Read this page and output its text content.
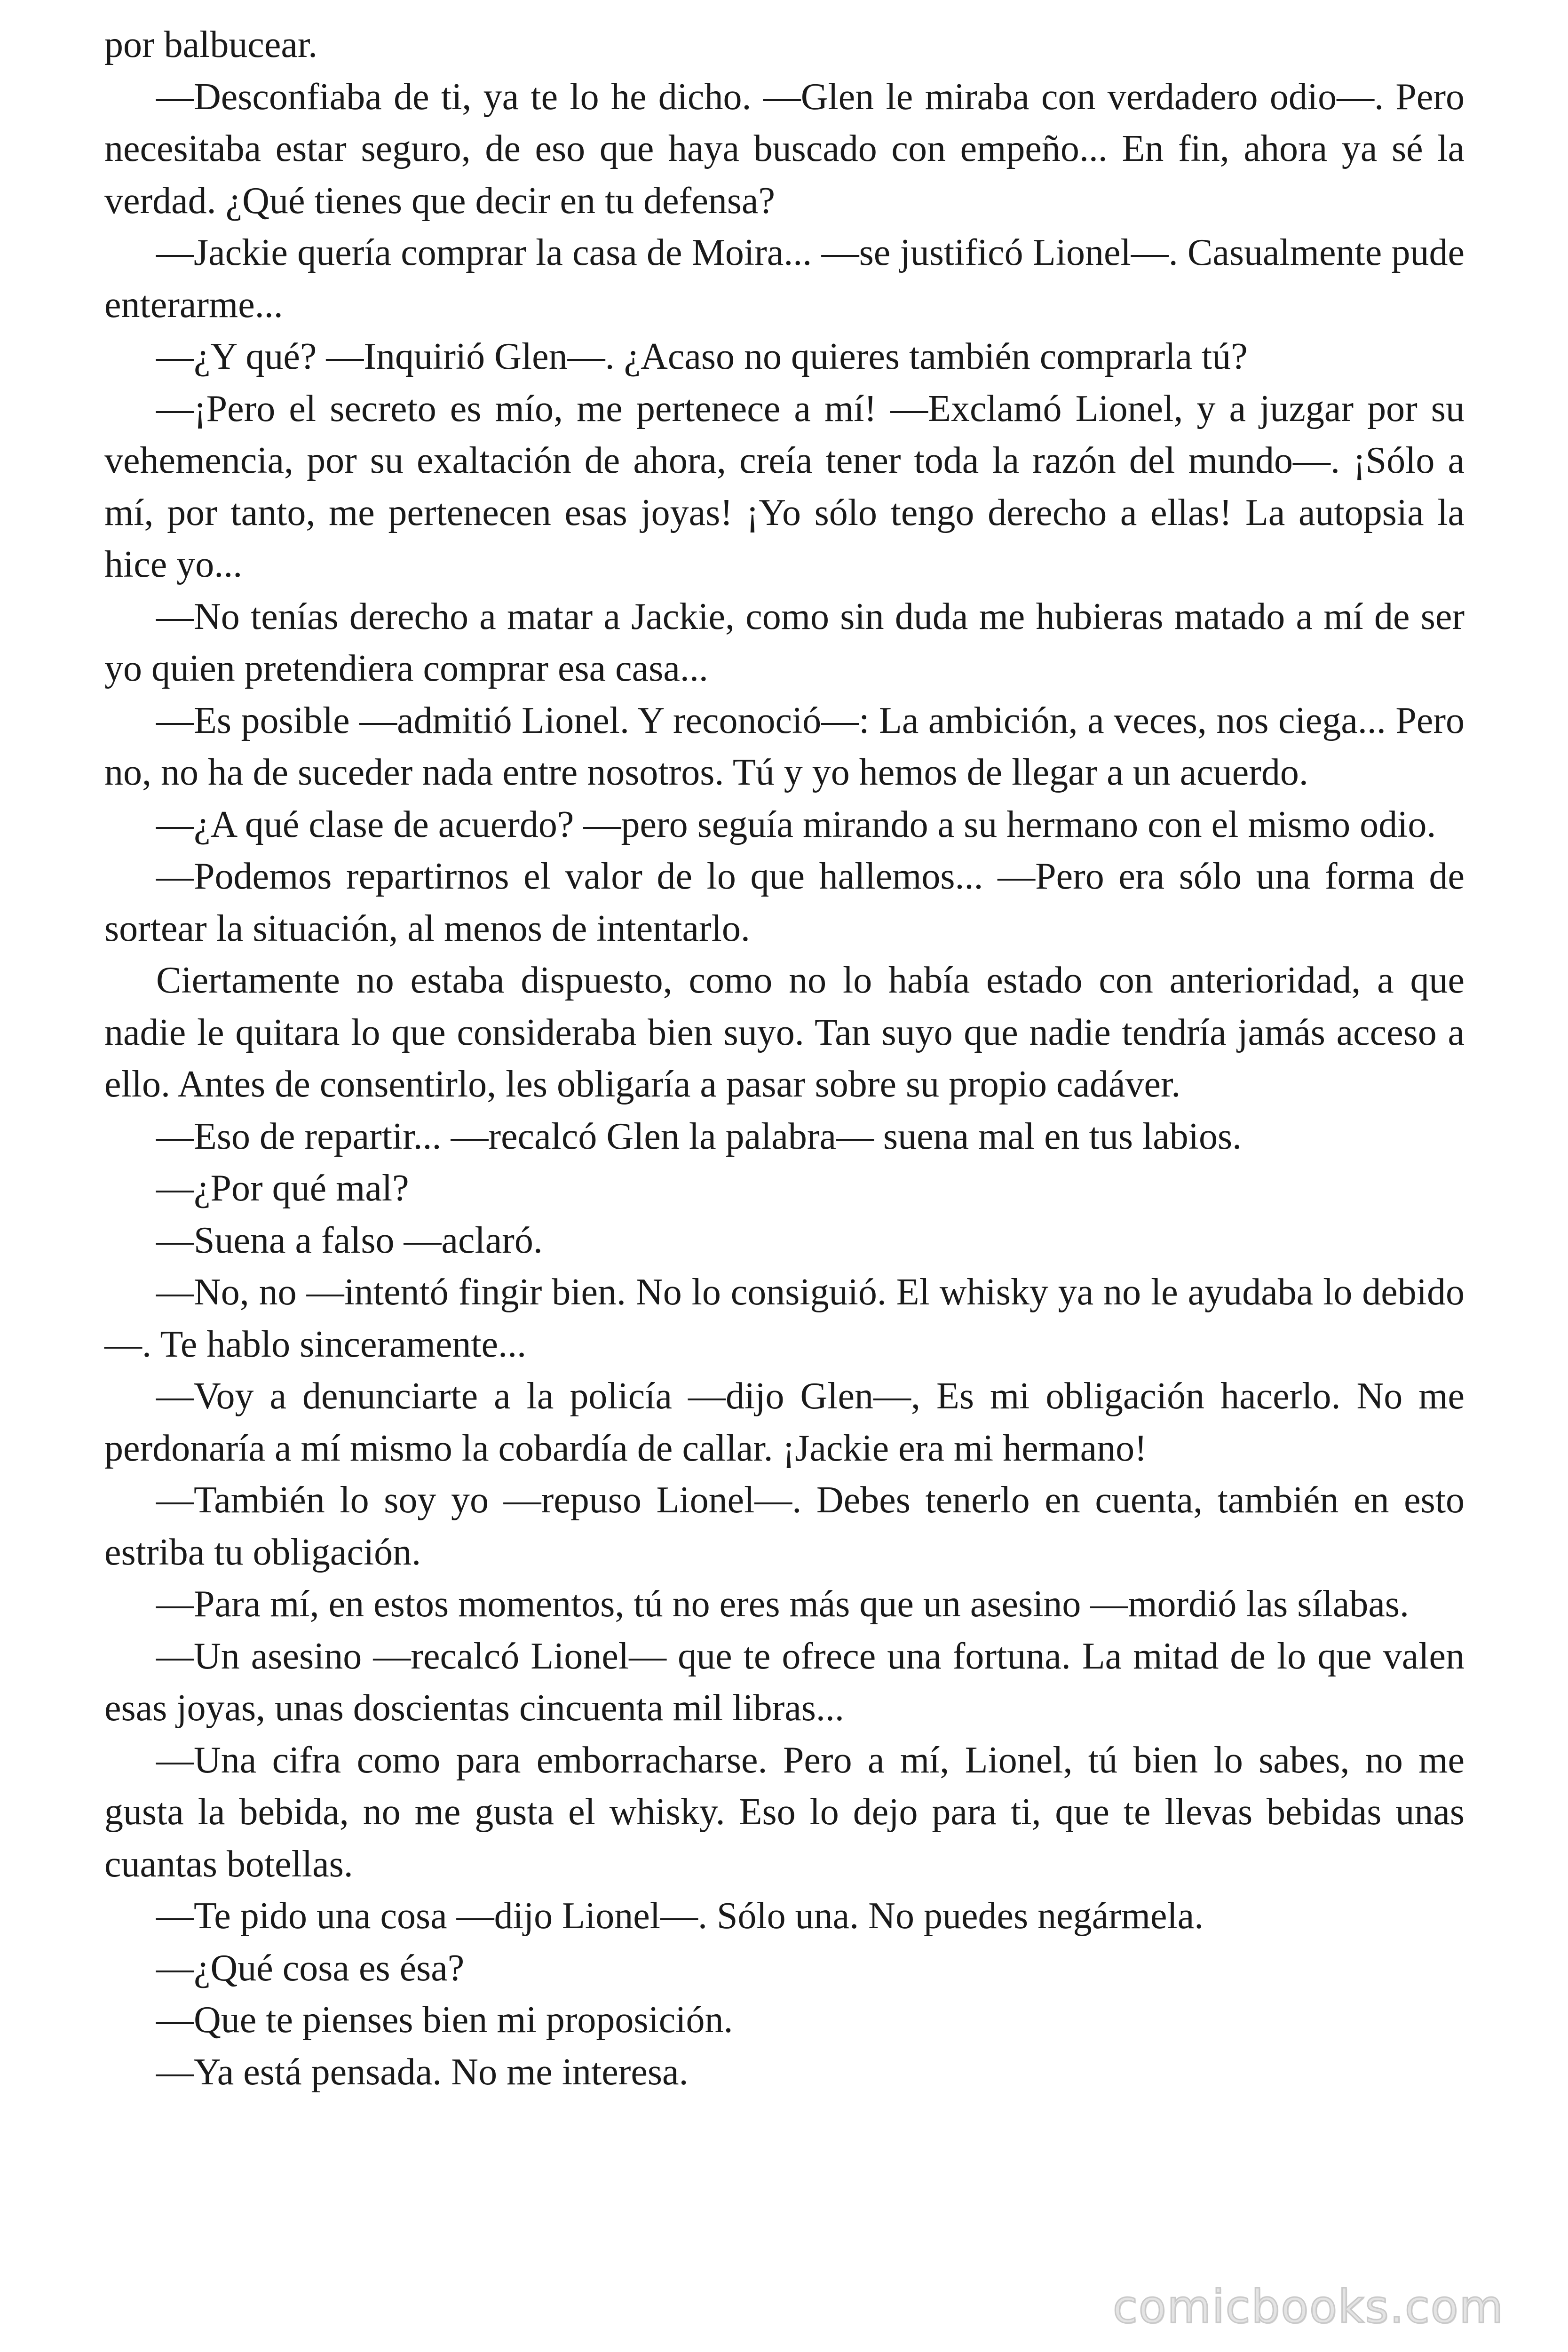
por balbucear.

—Desconfiaba de ti, ya te lo he dicho. —Glen le miraba con verdadero odio—. Pero necesitaba estar seguro, de eso que haya buscado con empeño... En fin, ahora ya sé la verdad. ¿Qué tienes que decir en tu defensa?

—Jackie quería comprar la casa de Moira... —se justificó Lionel—. Casualmente pude enterarme...

—¿Y qué? —Inquirió Glen—. ¿Acaso no quieres también comprarla tú?

—¡Pero el secreto es mío, me pertenece a mí! —Exclamó Lionel, y a juzgar por su vehemencia, por su exaltación de ahora, creía tener toda la razón del mundo—. ¡Sólo a mí, por tanto, me pertenecen esas joyas! ¡Yo sólo tengo derecho a ellas! La autopsia la hice yo...

—No tenías derecho a matar a Jackie, como sin duda me hubieras matado a mí de ser yo quien pretendiera comprar esa casa...

—Es posible —admitió Lionel. Y reconoció—: La ambición, a veces, nos ciega... Pero no, no ha de suceder nada entre nosotros. Tú y yo hemos de llegar a un acuerdo.

—¿A qué clase de acuerdo? —pero seguía mirando a su hermano con el mismo odio.

—Podemos repartirnos el valor de lo que hallemos... —Pero era sólo una forma de sortear la situación, al menos de intentarlo.

Ciertamente no estaba dispuesto, como no lo había estado con anterioridad, a que nadie le quitara lo que consideraba bien suyo. Tan suyo que nadie tendría jamás acceso a ello. Antes de consentirlo, les obligaría a pasar sobre su propio cadáver.

—Eso de repartir... —recalcó Glen la palabra— suena mal en tus labios.

—¿Por qué mal?

—Suena a falso —aclaró.

—No, no —intentó fingir bien. No lo consiguió. El whisky ya no le ayudaba lo debido—. Te hablo sinceramente...

—Voy a denunciarte a la policía —dijo Glen—, Es mi obligación hacerlo. No me perdonaría a mí mismo la cobardía de callar. ¡Jackie era mi hermano!

—También lo soy yo —repuso Lionel—. Debes tenerlo en cuenta, también en esto estriba tu obligación.

—Para mí, en estos momentos, tú no eres más que un asesino —mordió las sílabas.

—Un asesino —recalcó Lionel— que te ofrece una fortuna. La mitad de lo que valen esas joyas, unas doscientas cincuenta mil libras...

—Una cifra como para emborracharse. Pero a mí, Lionel, tú bien lo sabes, no me gusta la bebida, no me gusta el whisky. Eso lo dejo para ti, que te llevas bebidas unas cuantas botellas.

—Te pido una cosa —dijo Lionel—. Sólo una. No puedes negármela.

—¿Qué cosa es ésa?

—Que te pienses bien mi proposición.

—Ya está pensada. No me interesa.

comicbooks.com
